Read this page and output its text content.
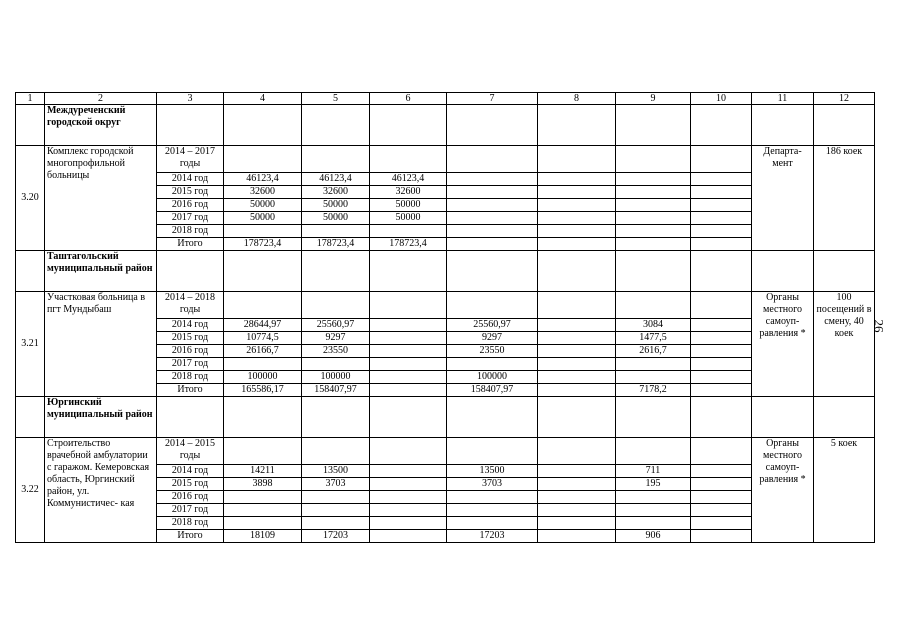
1	2	3	4	5	6	7	8	9	10	11	12
	Междуреченский городской округ										
3.20	Комплекс городской многопрофильной больницы	2014 – 2017 годы								Департа- мент	186 коек
		2014 год	46123,4	46123,4	46123,4						
		2015 год	32600	32600	32600						
		2016 год	50000	50000	50000						
		2017 год	50000	50000	50000						
		2018 год									
		Итого	178723,4	178723,4	178723,4						
	Таштагольский муниципальный район										
3.21	Участковая больница в пгт Мундыбаш	2014 – 2018 годы								Органы местного самоуп- равления *	100 посещений в смену, 40 коек
		2014 год	28644,97	25560,97		25560,97		3084			
		2015 год	10774,5	9297		9297		1477,5			
		2016 год	26166,7	23550		23550		2616,7			
		2017 год									
		2018 год	100000	100000		100000					
		Итого	165586,17	158407,97		158407,97		7178,2			
	Юргинский муниципальный район										
3.22	Строительство врачебной амбулатории с гаражом. Кемеровская область, Юргинский район, ул. Коммунистичес- кая	2014 – 2015 годы								Органы местного самоуп- равления *	5 коек
		2014 год	14211	13500		13500		711			
		2015 год	3898	3703		3703		195			
		2016 год									
		2017 год									
		2018 год									
		Итого	18109	17203		17203		906			
26
